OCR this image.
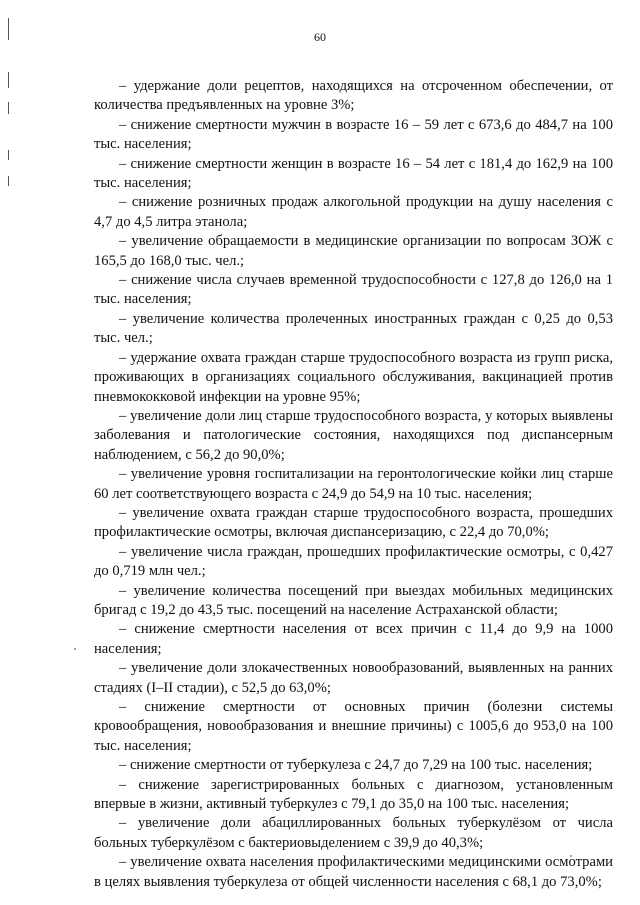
60

– удержание доли рецептов, находящихся на отсроченном обеспечении, от количества предъявленных на уровне 3%;

– снижение смертности мужчин в возрасте 16 – 59 лет с 673,6 до 484,7 на 100 тыс. населения;

– снижение смертности женщин в возрасте 16 – 54 лет с 181,4 до 162,9 на 100 тыс. населения;

– снижение розничных продаж алкогольной продукции на душу населения с 4,7 до 4,5 литра этанола;

– увеличение обращаемости в медицинские организации по вопросам ЗОЖ с 165,5 до 168,0 тыс. чел.;

– снижение числа случаев временной трудоспособности с 127,8 до 126,0 на 1 тыс. населения;

– увеличение количества пролеченных иностранных граждан с 0,25 до 0,53 тыс. чел.;

– удержание охвата граждан старше трудоспособного возраста из групп риска, проживающих в организациях социального обслуживания, вакцинацией против пневмококковой инфекции на уровне 95%;

– увеличение доли лиц старше трудоспособного возраста, у которых выявлены заболевания и патологические состояния, находящихся под диспансерным наблюдением, с 56,2 до 90,0%;

– увеличение уровня госпитализации на геронтологические койки лиц старше 60 лет соответствующего возраста с 24,9 до 54,9 на 10 тыс. населения;

– увеличение охвата граждан старше трудоспособного возраста, прошедших профилактические осмотры, включая диспансеризацию, с 22,4 до 70,0%;

– увеличение числа граждан, прошедших профилактические осмотры, с 0,427 до 0,719 млн чел.;

– увеличение количества посещений при выездах мобильных медицинских бригад с 19,2 до 43,5 тыс. посещений на население Астраханской области;

– снижение смертности населения от всех причин с 11,4 до 9,9 на 1000 населения;

– увеличение доли злокачественных новообразований, выявленных на ранних стадиях (I–II стадии), с 52,5 до 63,0%;

– снижение смертности от основных причин (болезни системы кровообращения, новообразования и внешние причины) с 1005,6 до 953,0 на 100 тыс. населения;

– снижение смертности от туберкулеза с 24,7 до 7,29 на 100 тыс. населения;

– снижение зарегистрированных больных с диагнозом, установленным впервые в жизни, активный туберкулез с 79,1 до 35,0 на 100 тыс. населения;

– увеличение доли абациллированных больных туберкулёзом от числа больных туберкулёзом с бактериовыделением с 39,9 до 40,3%;

– увеличение охвата населения профилактическими медицинскими осмотрами в целях выявления туберкулеза от общей численности населения с 68,1 до 73,0%;
